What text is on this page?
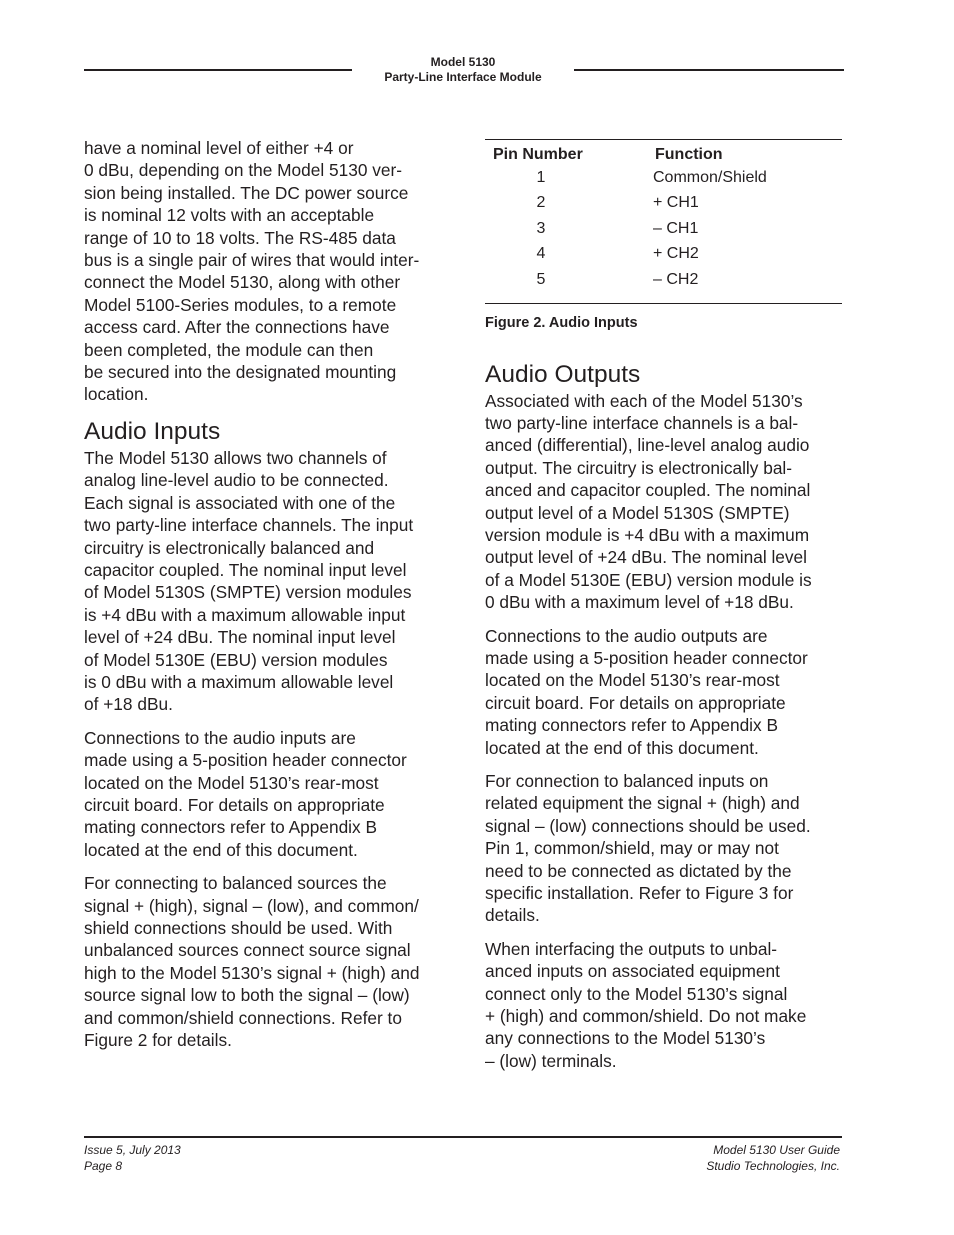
Model 5130
Party-Line Interface Module

have a nominal level of either +4 or
0 dBu, depending on the Model 5130 ver-
sion being installed. The DC power source
is nominal 12 volts with an acceptable
range of 10 to 18 volts. The RS-485 data
bus is a single pair of wires that would inter-
connect the Model 5130, along with other
Model 5100-Series modules, to a remote
access card. After the connections have
been completed, the module can then
be secured into the designated mounting
location.

Audio Inputs

The Model 5130 allows two channels of
analog line-level audio to be connected.
Each signal is associated with one of the
two party-line interface channels. The input
circuitry is electronically balanced and
capacitor coupled. The nominal input level
of Model 5130S (SMPTE) version modules
is +4 dBu with a maximum allowable input
level of +24 dBu. The nominal input level
of Model 5130E (EBU) version modules
is 0 dBu with a maximum allowable level
of +18 dBu.

Connections to the audio inputs are
made using a 5-position header connector
located on the Model 5130’s rear-most
circuit board. For details on appropriate
mating connectors refer to Appendix B
located at the end of this document.

For connecting to balanced sources the
signal + (high), signal – (low), and common/
shield connections should be used. With
unbalanced sources connect source signal
high to the Model 5130’s signal + (high) and
source signal low to both the signal – (low)
and common/shield connections. Refer to
Figure 2 for details.

Pin Number	Function
1	Common/Shield
2	+ CH1
3	– CH1
4	+ CH2
5	– CH2

Figure 2. Audio Inputs

Audio Outputs

Associated with each of the Model 5130’s
two party-line interface channels is a bal-
anced (differential), line-level analog audio
output. The circuitry is electronically bal-
anced and capacitor coupled. The nominal
output level of a Model 5130S (SMPTE)
version module is +4 dBu with a maximum
output level of +24 dBu. The nominal level
of a Model 5130E (EBU) version module is
0 dBu with a maximum level of +18 dBu.

Connections to the audio outputs are
made using a 5-position header connector
located on the Model 5130’s rear-most
circuit board. For details on appropriate
mating connectors refer to Appendix B
located at the end of this document.

For connection to balanced inputs on
related equipment the signal + (high) and
signal – (low) connections should be used.
Pin 1, common/shield, may or may not
need to be connected as dictated by the
specific installation. Refer to Figure 3 for
details.

When interfacing the outputs to unbal-
anced inputs on associated equipment
connect only to the Model 5130’s signal
+ (high) and common/shield. Do not make
any connections to the Model 5130’s
– (low) terminals.

Issue 5, July 2013
Page 8
Model 5130 User Guide
Studio Technologies, Inc.
